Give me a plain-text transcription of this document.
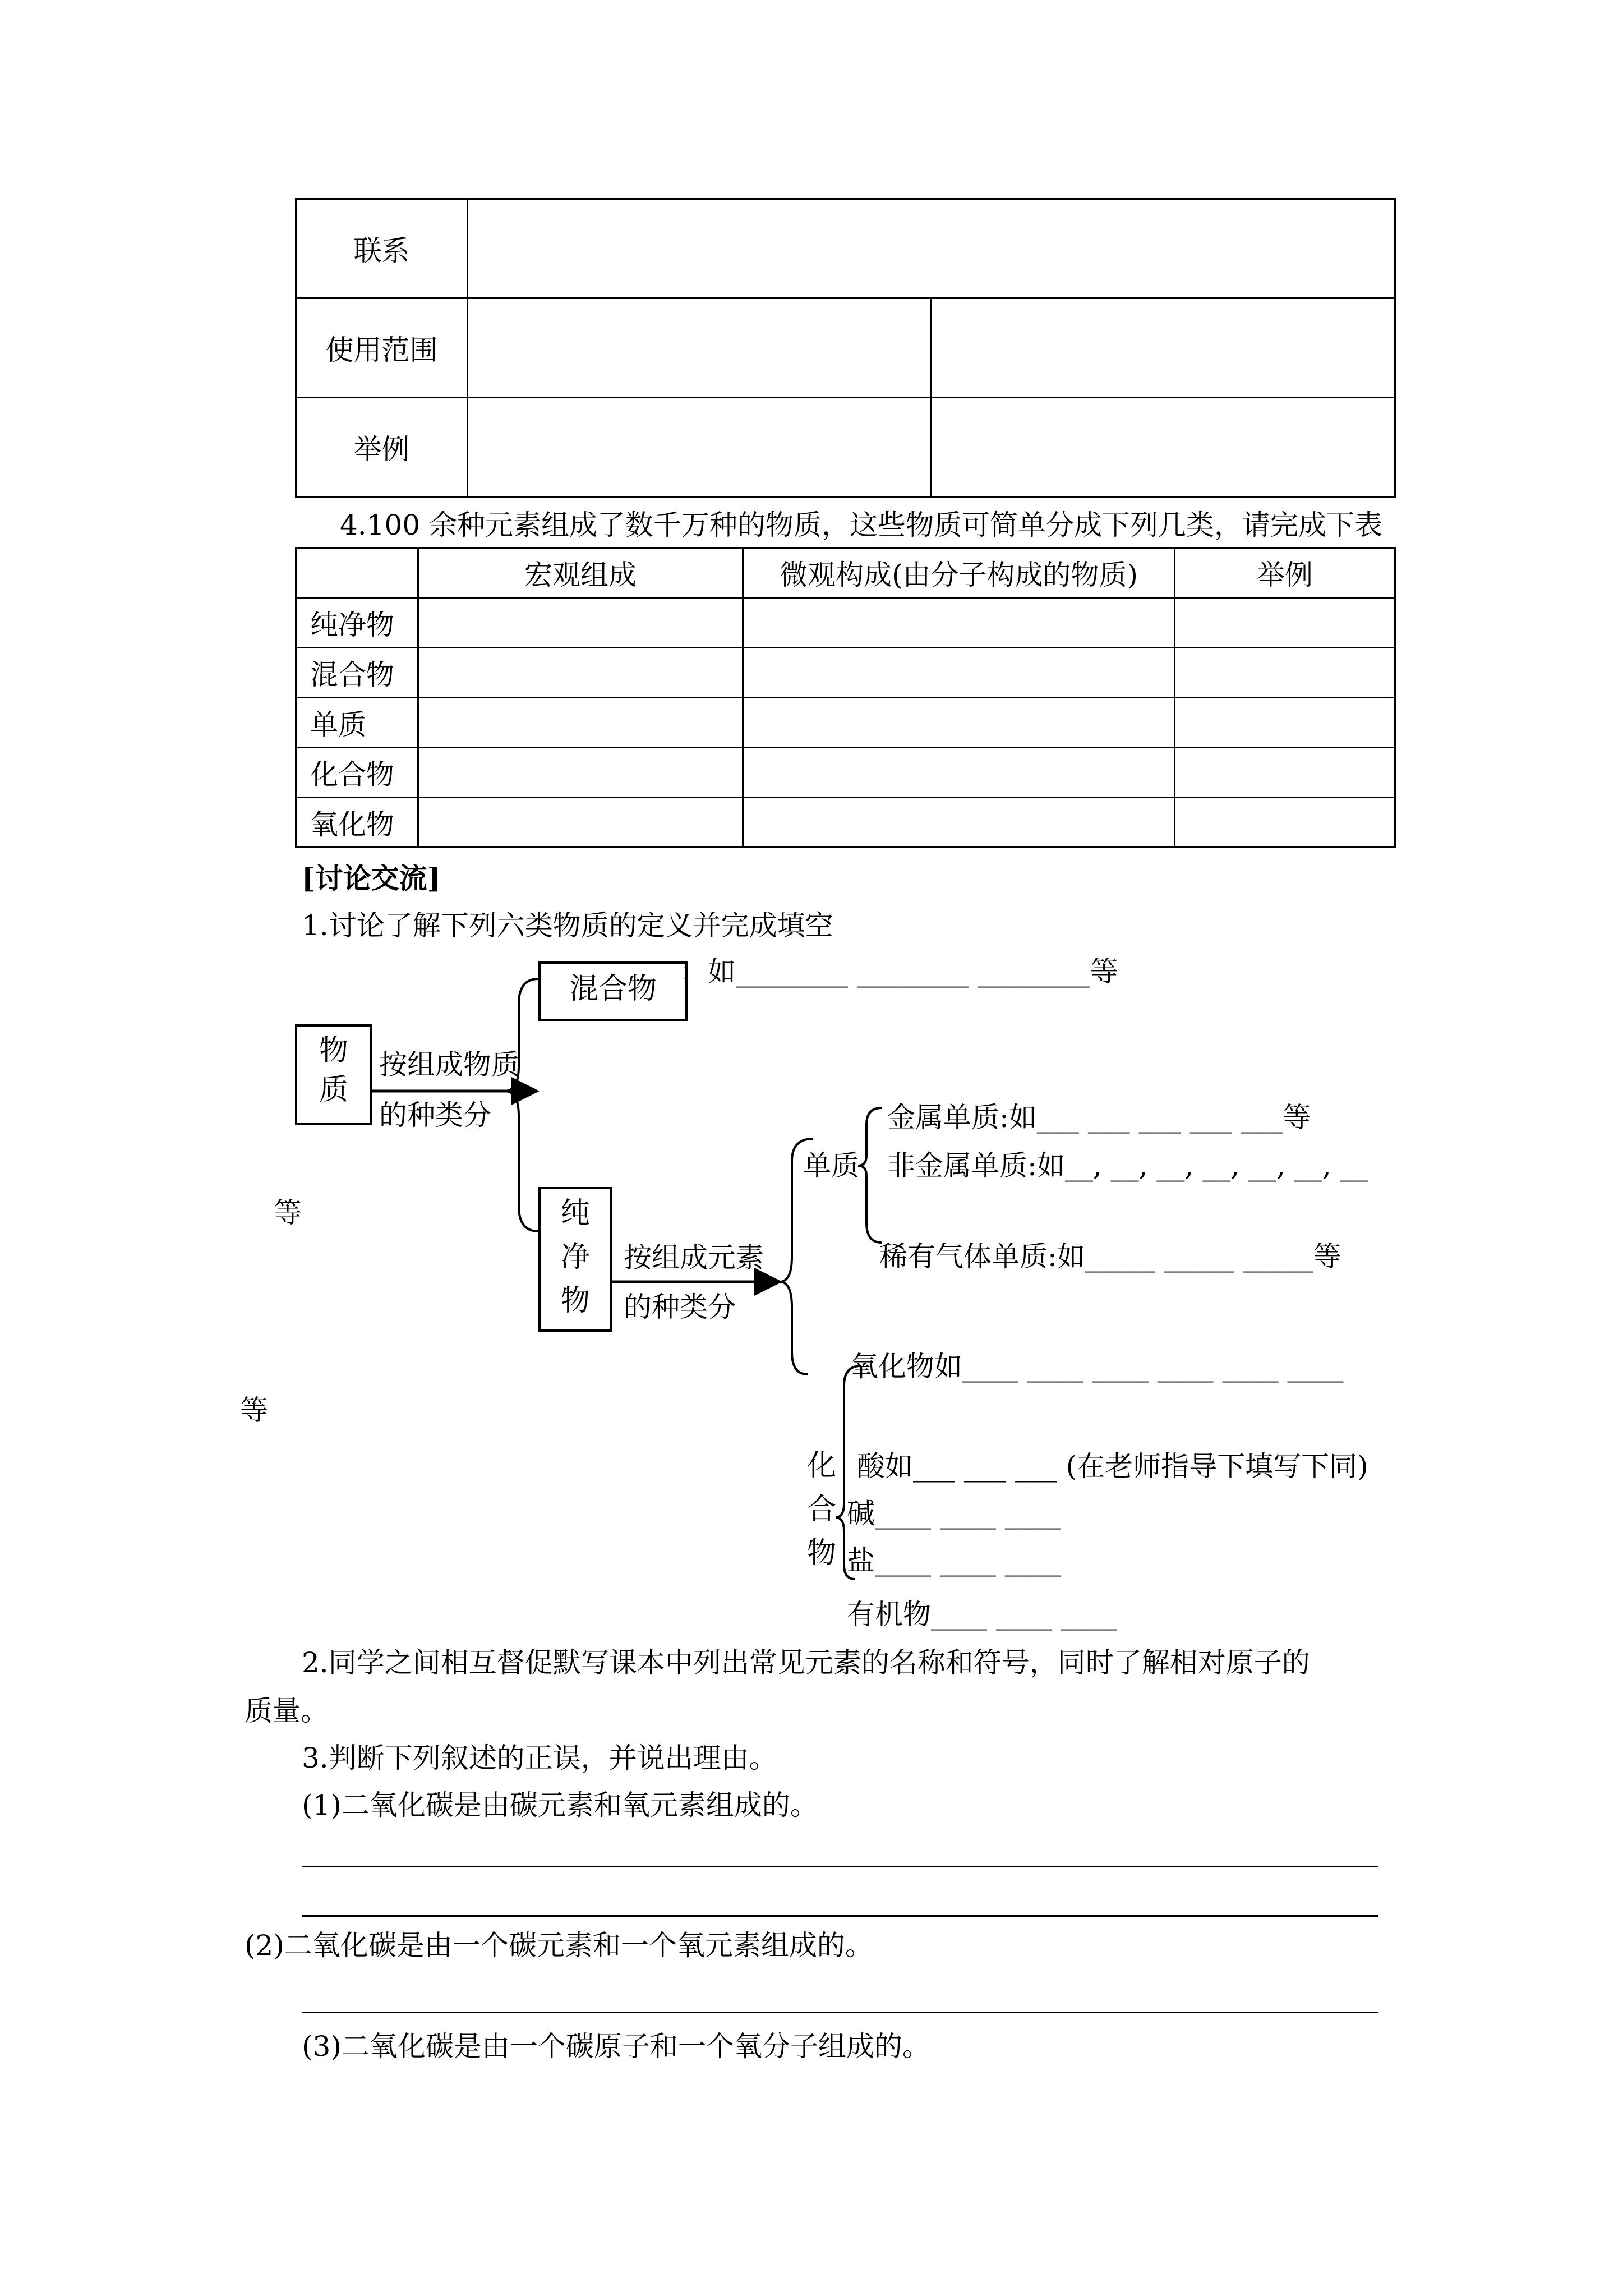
联系		
使用范围		
举例		
4.100 余种元素组成了数千万种的物质，这些物质可简单分成下列几类，请完成下表
	宏观组成	微观构成(由分子构成的物质)	举例
纯净物			
混合物			
单质			
化合物			
氧化物			
[讨论交流]
1.讨论了解下列六类物质的定义并完成填空
物
质
按组成物质
的种类分
混合物
：如________ ________ ________等
纯
净
物
按组成元素
的种类分
单质
金属单质:如___ ___ ___ ___ ___等
非金属单质:如__, __, __, __, __, __, __
等
稀有气体单质:如_____ _____ _____等
氧化物如____ ____ ____ ____ ____ ____
等
化
合
物
酸如___ ___ ___ (在老师指导下填写下同)
碱____ ____ ____
盐____ ____ ____
有机物____ ____ ____
2.同学之间相互督促默写课本中列出常见元素的名称和符号，同时了解相对原子的
质量。
3.判断下列叙述的正误，并说出理由。
(1)二氧化碳是由碳元素和氧元素组成的。
(2)二氧化碳是由一个碳元素和一个氧元素组成的。
(3)二氧化碳是由一个碳原子和一个氧分子组成的。
